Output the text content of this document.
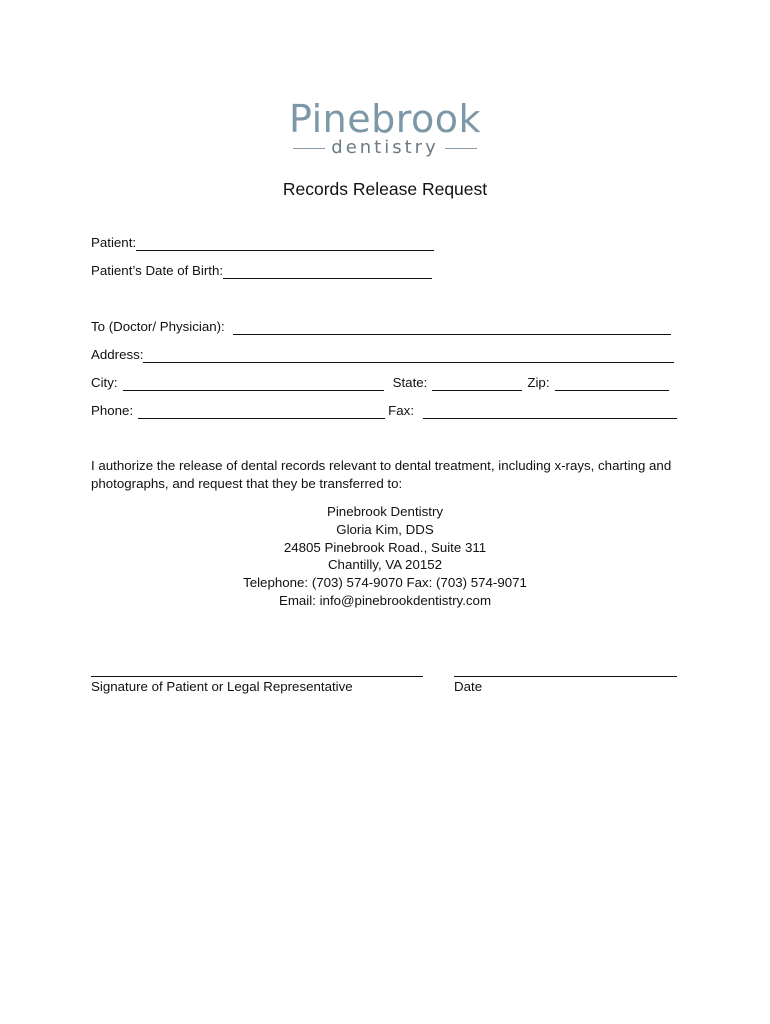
Pinebrook
dentistry
Records Release Request
Patient:
Patient’s Date of Birth:
To (Doctor/ Physician):
Address:
City:	State:	Zip:
Phone:	Fax:
I authorize the release of dental records relevant to dental treatment, including x-rays, charting and photographs, and request that they be transferred to:
Pinebrook Dentistry
Gloria Kim, DDS
24805 Pinebrook Road., Suite 311
Chantilly, VA 20152
Telephone: (703) 574-9070 Fax: (703) 574-9071
Email: info@pinebrookdentistry.com
Signature of Patient or Legal Representative	Date
